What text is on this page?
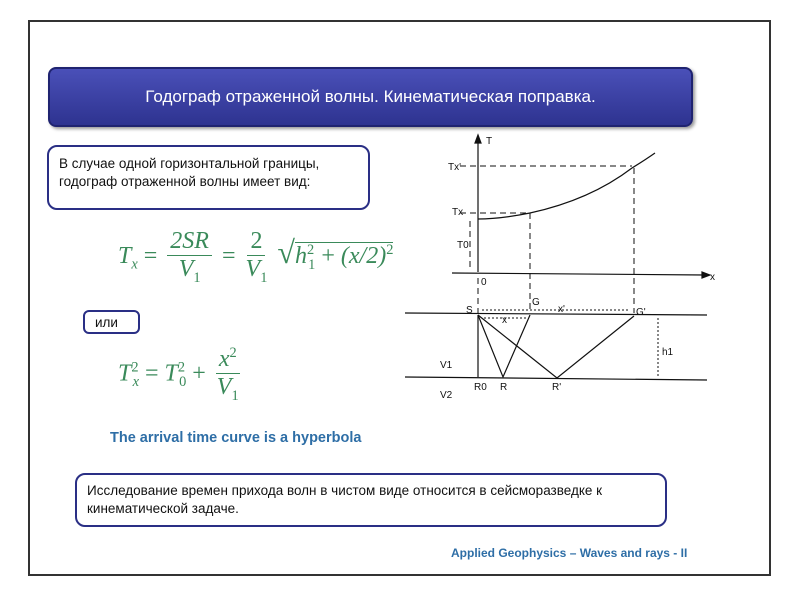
Годограф отраженной волны. Кинематическая поправка.
В случае одной горизонтальной границы, годограф отраженной волны имеет вид:
$T_x = \frac{2SR}{V_1} = \frac{2}{V_1} √h^2_1 + (x/2)^2$
или
$T^2_x = T^2_0 + \frac{x^2}{V_1}$
The arrival time curve is a hyperbola
Исследование времен прихода волн в чистом виде относится в сейсморазведке к кинематической задаче.
Applied Geophysics – Waves and rays - II
T
Tx'
Tx
T0
0	x
S
G
G'
x'
x
h1
V1
V2
R0 R	R'
